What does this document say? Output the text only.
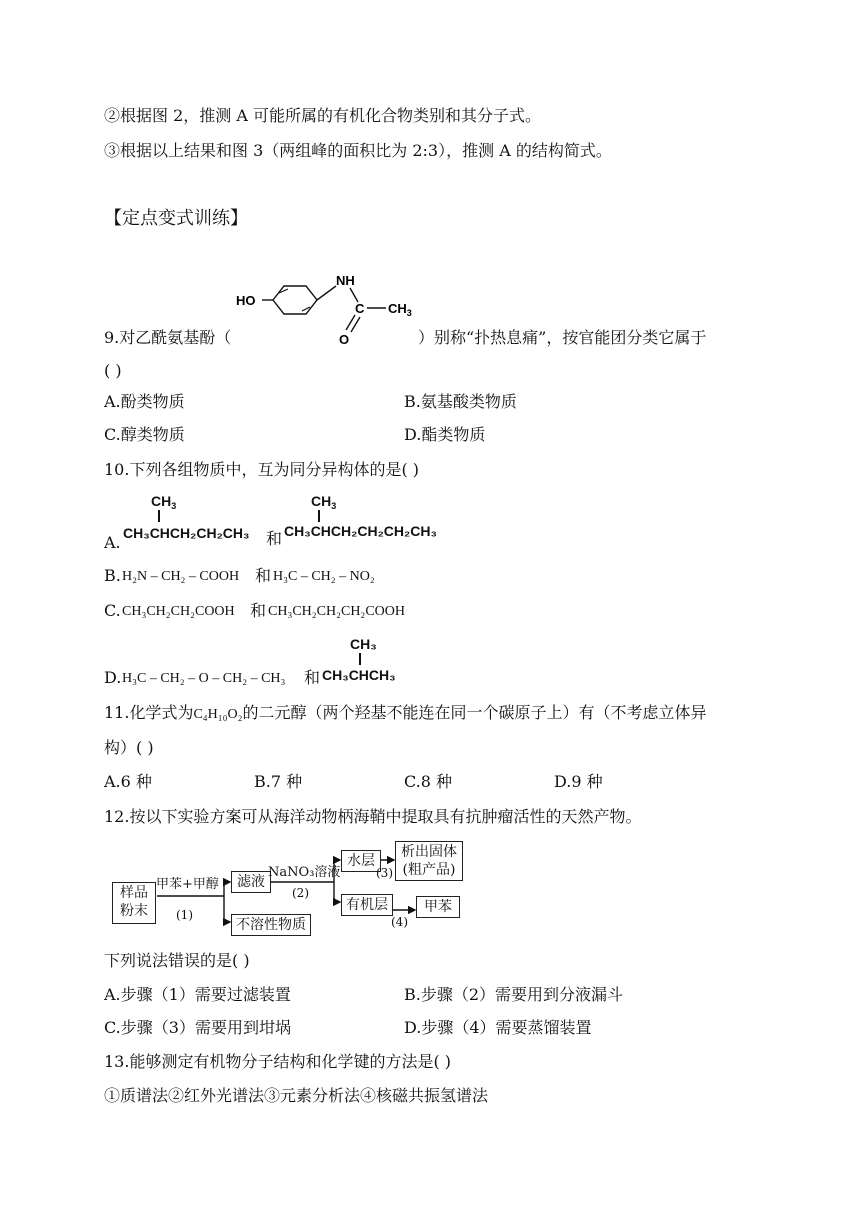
②根据图 2，推测 A 可能所属的有机化合物类别和其分子式。
③根据以上结果和图 3（两组峰的面积比为 2:3），推测 A 的结构简式。
【定点变式训练】
HO
NH
C $CH_3$
O
9.对乙酰氨基酚（	）别称“扑热息痛”，按官能团分类它属于
( )
A.酚类物质	B.氨基酸类物质
C.醇类物质	D.酯类物质
10.下列各组物质中，互为同分异构体的是( )
A.
$CH_3$
CH₃CHCH₂CH₂CH₃ 和
$CH_3$
CH₃CHCH₂CH₂CH₂CH₃
B. H₂N – CH₂ – COOH 和 H₃C – CH₂ – NO₂
C. CH₃CH₂CH₂COOH 和 CH₃CH₂CH₂CH₂COOH
D. H₃C – CH₂ – O – CH₂ – CH₃ 和
CH₃
CH₃CHCH₃
11.化学式为C₄H₁₀O₂的二元醇（两个羟基不能连在同一个碳原子上）有（不考虑立体异
构）( )
A.6 种	B.7 种	C.8 种	D.9 种
12.按以下实验方案可从海洋动物柄海鞘中提取具有抗肿瘤活性的天然产物。
样品粉末
甲苯+甲醇
(1)
滤液
不溶性物质
NaNO₃溶液
(2)
水层
(3)
析出固体(粗产品)
有机层
(4)
甲苯
下列说法错误的是( )
A.步骤（1）需要过滤装置	B.步骤（2）需要用到分液漏斗
C.步骤（3）需要用到坩埚	D.步骤（4）需要蒸馏装置
13.能够测定有机物分子结构和化学键的方法是( )
①质谱法②红外光谱法③元素分析法④核磁共振氢谱法
